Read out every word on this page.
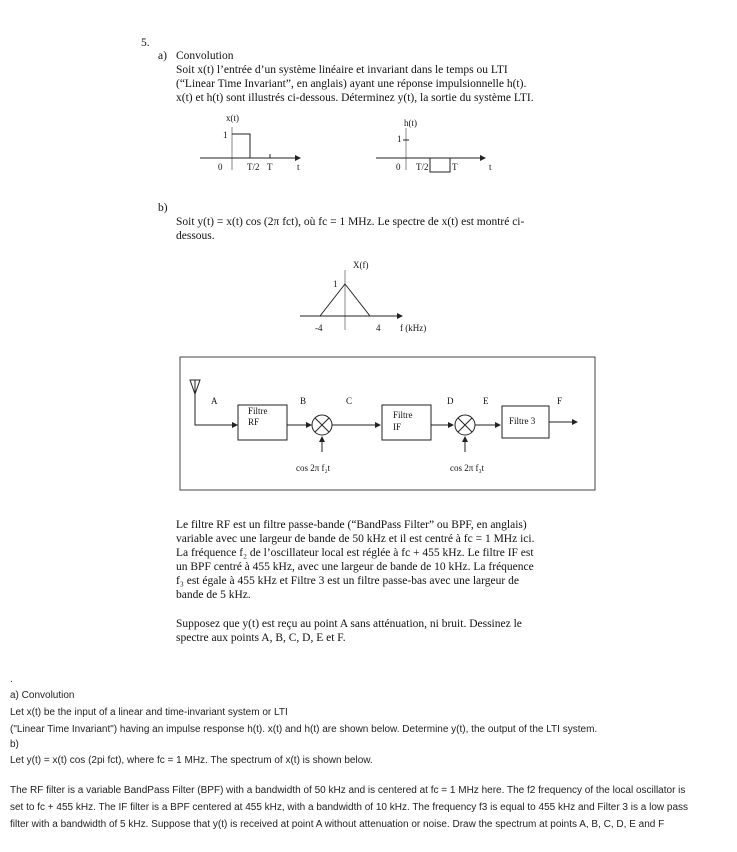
5.
a) Convolution
Soit x(t) l’entrée d’un système linéaire et invariant dans le temps ou LTI
(“Linear Time Invariant”, en anglais) ayant une réponse impulsionnelle h(t).
x(t) et h(t) sont illustrés ci-dessous. Déterminez y(t), la sortie du système LTI.
x(t)
1
0	T/2 T	t
h(t)
1
0 T/2	T	t
b)
Soit y(t) = x(t) cos (2π fct), où fc = 1 MHz. Le spectre de x(t) est montré ci-
dessous.
X(f)
1
-4	4 f (kHz)
A	B	C	D	E	F
Filtre
RF
Filtre
IF
Filtre 3
cos 2π f₂t	cos 2π f₃t
Le filtre RF est un filtre passe-bande (“BandPass Filter” ou BPF, en anglais)
variable avec une largeur de bande de 50 kHz et il est centré à fc = 1 MHz ici.
La fréquence f₂ de l’oscillateur local est réglée à fc + 455 kHz. Le filtre IF est
un BPF centré à 455 kHz, avec une largeur de bande de 10 kHz. La fréquence
f₃ est égale à 455 kHz et Filtre 3 est un filtre passe-bas avec une largeur de
bande de 5 kHz.
Supposez que y(t) est reçu au point A sans atténuation, ni bruit. Dessinez le
spectre aux points A, B, C, D, E et F.
.
a) Convolution
Let x(t) be the input of a linear and time-invariant system or LTI
("Linear Time Invariant") having an impulse response h(t). x(t) and h(t) are shown below. Determine y(t), the output of the LTI system.
b)
Let y(t) = x(t) cos (2pi fct), where fc = 1 MHz. The spectrum of x(t) is shown below.
The RF filter is a variable BandPass Filter (BPF) with a bandwidth of 50 kHz and is centered at fc = 1 MHz here. The f2 frequency of the local oscillator is
set to fc + 455 kHz. The IF filter is a BPF centered at 455 kHz, with a bandwidth of 10 kHz. The frequency f3 is equal to 455 kHz and Filter 3 is a low pass
filter with a bandwidth of 5 kHz. Suppose that y(t) is received at point A without attenuation or noise. Draw the spectrum at points A, B, C, D, E and F
